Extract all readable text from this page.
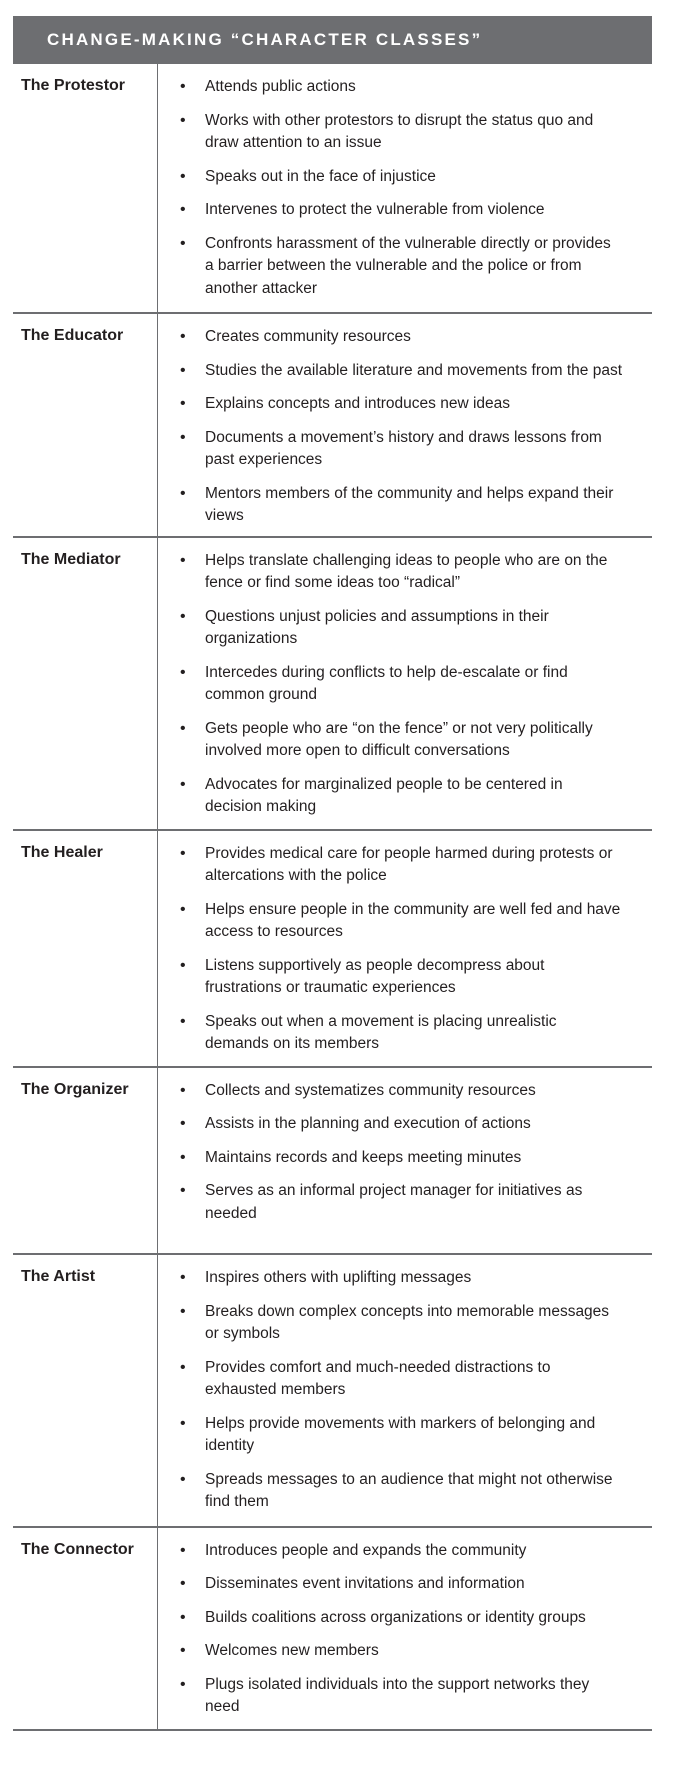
CHANGE-MAKING “CHARACTER CLASSES”
The Protestor	•	Attends public actions
•	Works with other protestors to disrupt the status quo and draw attention to an issue
•	Speaks out in the face of injustice
•	Intervenes to protect the vulnerable from violence
•	Confronts harassment of the vulnerable directly or provides a barrier between the vulnerable and the police or from another attacker
The Educator	•	Creates community resources
•	Studies the available literature and movements from the past
•	Explains concepts and introduces new ideas
•	Documents a movement’s history and draws lessons from past experiences
•	Mentors members of the community and helps expand their views
The Mediator	•	Helps translate challenging ideas to people who are on the fence or find some ideas too “radical”
•	Questions unjust policies and assumptions in their organizations
•	Intercedes during conflicts to help de-escalate or find common ground
•	Gets people who are “on the fence” or not very politically involved more open to difficult conversations
•	Advocates for marginalized people to be centered in decision making
The Healer	•	Provides medical care for people harmed during protests or altercations with the police
•	Helps ensure people in the community are well fed and have access to resources
•	Listens supportively as people decompress about frustrations or traumatic experiences
•	Speaks out when a movement is placing unrealistic demands on its members
The Organizer	•	Collects and systematizes community resources
•	Assists in the planning and execution of actions
•	Maintains records and keeps meeting minutes
•	Serves as an informal project manager for initiatives as needed
The Artist	•	Inspires others with uplifting messages
•	Breaks down complex concepts into memorable messages or symbols
•	Provides comfort and much-needed distractions to exhausted members
•	Helps provide movements with markers of belonging and identity
•	Spreads messages to an audience that might not otherwise find them
The Connector	•	Introduces people and expands the community
•	Disseminates event invitations and information
•	Builds coalitions across organizations or identity groups
•	Welcomes new members
•	Plugs isolated individuals into the support networks they need
